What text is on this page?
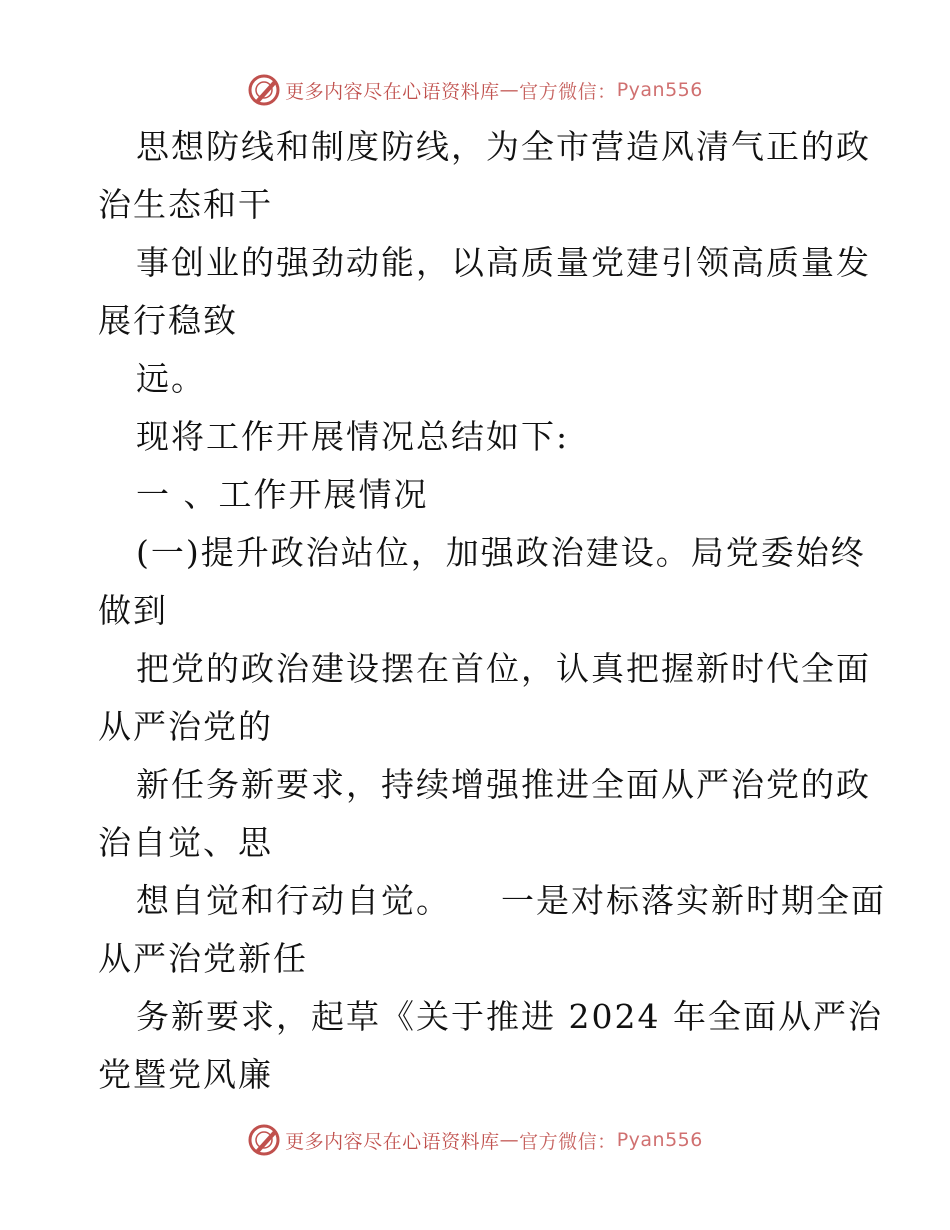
更多内容尽在心语资料库 — 官方微信： Pyan556
思想防线和制度防线，为全市营造风清气正的政
治生态和干
事创业的强劲动能，以高质量党建引领高质量发
展行稳致
远。
现将工作开展情况总结如下:
一 、工作开展情况
(一)提升政治站位，加强政治建设。局党委始终
做到
把党的政治建设摆在首位，认真把握新时代全面
从严治党的
新任务新要求，持续增强推进全面从严治党的政
治自觉、思
想自觉和行动自觉。    一是对标落实新时期全面
从严治党新任
务新要求，起草《关于推进 2024 年全面从严治
党暨党风廉
更多内容尽在心语资料库 — 官方微信： Pyan556
